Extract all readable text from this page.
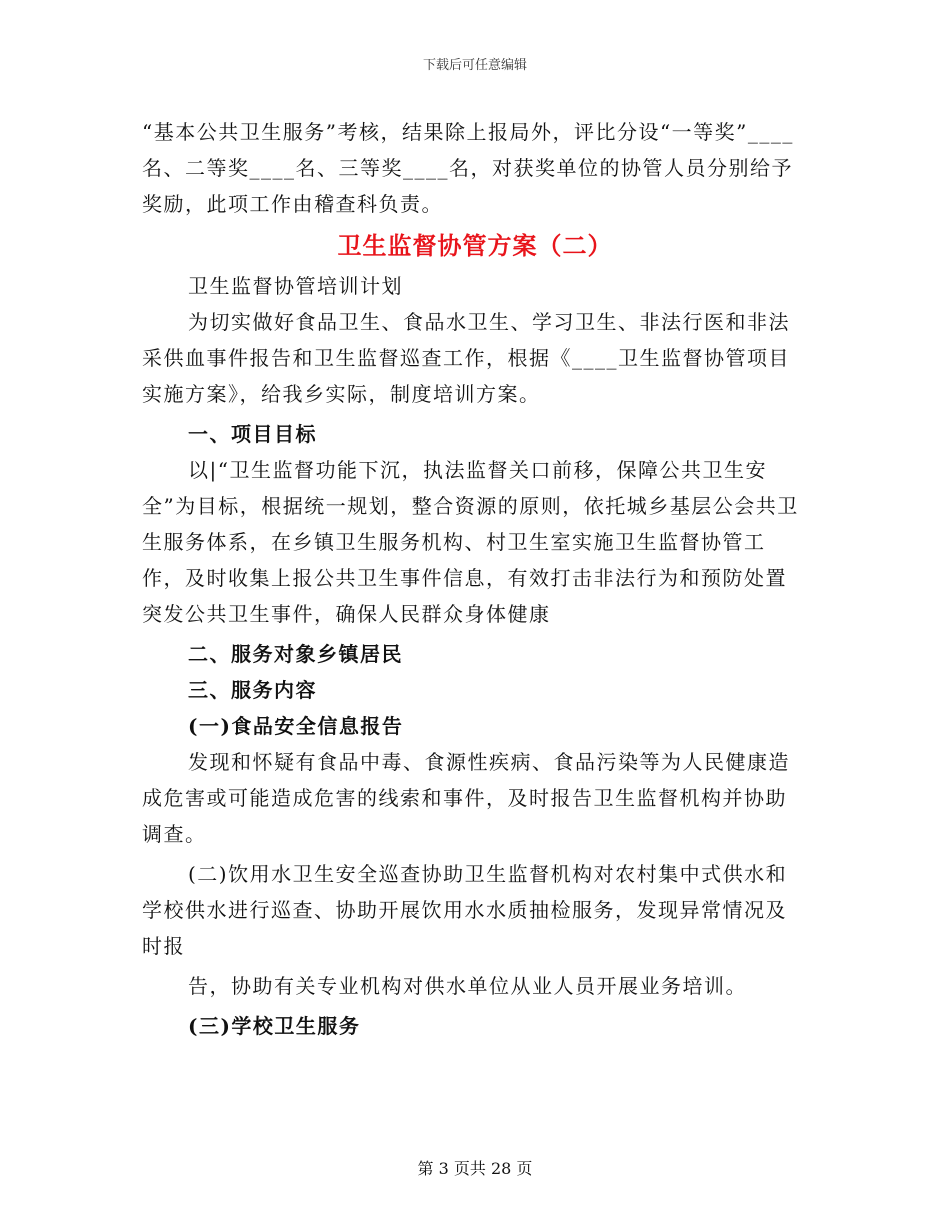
下载后可任意编辑

“基本公共卫生服务”考核，结果除上报局外，评比分设“一等奖”____名、二等奖____名、三等奖____名，对获奖单位的协管人员分别给予奖励，此项工作由稽查科负责。

卫生监督协管方案（二）

卫生监督协管培训计划

为切实做好食品卫生、食品水卫生、学习卫生、非法行医和非法采供血事件报告和卫生监督巡查工作，根据《____卫生监督协管项目实施方案》，给我乡实际，制度培训方案。

一、项目目标

以|“卫生监督功能下沉，执法监督关口前移，保障公共卫生安全”为目标，根据统一规划，整合资源的原则，依托城乡基层公会共卫生服务体系，在乡镇卫生服务机构、村卫生室实施卫生监督协管工作，及时收集上报公共卫生事件信息，有效打击非法行为和预防处置突发公共卫生事件，确保人民群众身体健康

二、服务对象乡镇居民

三、服务内容

(一)食品安全信息报告

发现和怀疑有食品中毒、食源性疾病、食品污染等为人民健康造成危害或可能造成危害的线索和事件，及时报告卫生监督机构并协助调查。

(二)饮用水卫生安全巡查协助卫生监督机构对农村集中式供水和学校供水进行巡查、协助开展饮用水水质抽检服务，发现异常情况及时报

告，协助有关专业机构对供水单位从业人员开展业务培训。

(三)学校卫生服务

第 3 页共 28 页
